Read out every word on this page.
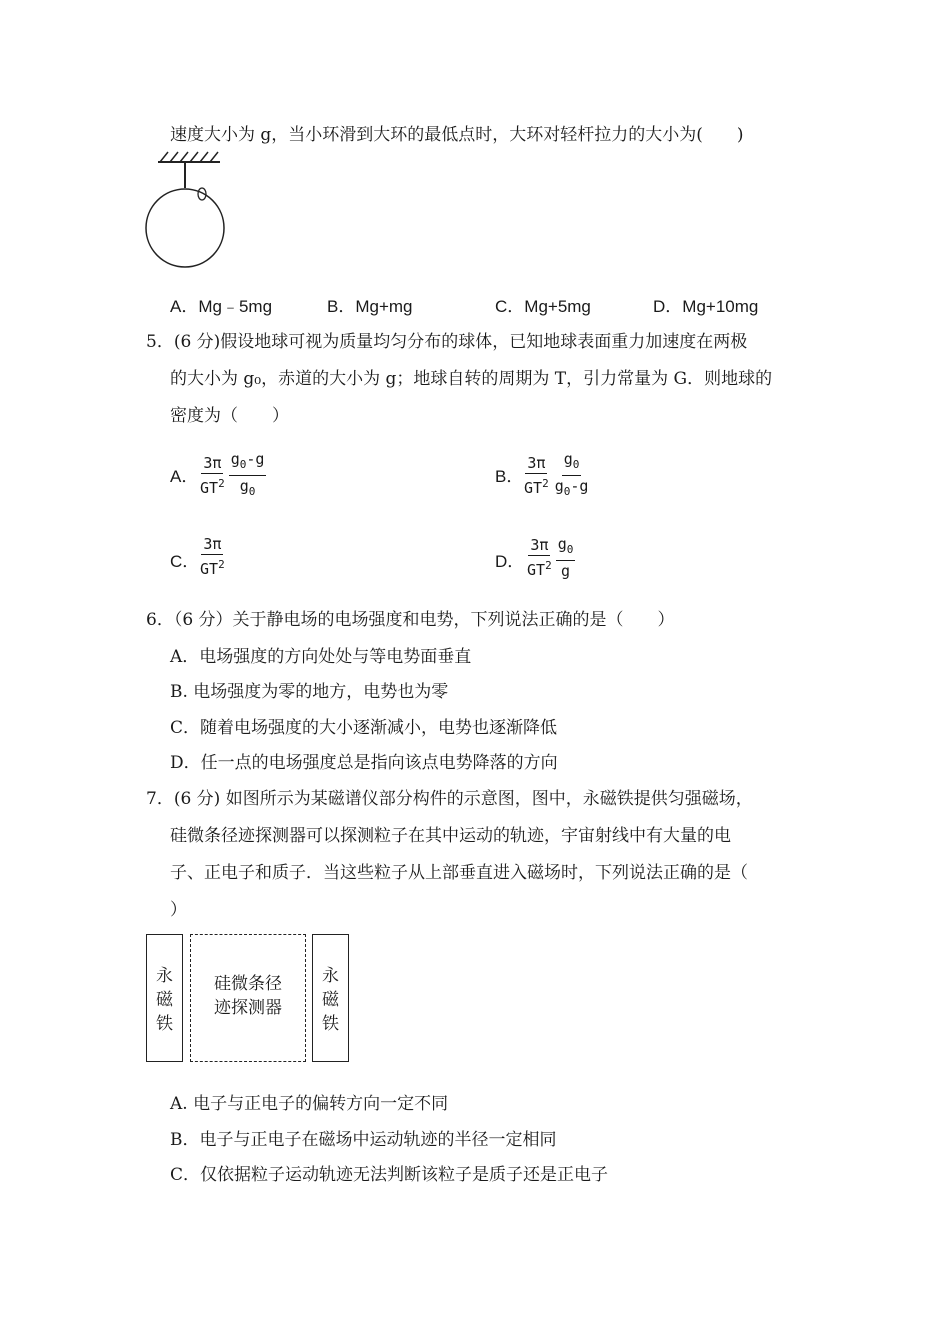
速度大小为 g，当小环滑到大环的最低点时，大环对轻杆拉力的大小为(　　)
A．Mg﹣5mg	B．Mg+mg	C．Mg+5mg	D．Mg+10mg
5．(6 分)假设地球可视为质量均匀分布的球体，已知地球表面重力加速度在两极
的大小为 g₀，赤道的大小为 g；地球自转的周期为 T，引力常量为 G．则地球的
密度为（　　）
A． $\frac{3\pi}{GT^2} \frac{g_0-g}{g_0}$	B．
$\frac{3\pi}{GT^2} \frac{g_0}{g_0-g}$
C．
$\frac{3\pi}{GT^2}$	D． $\frac{3\pi}{GT^2} \frac{g_0}{g}$
6．（6 分）关于静电场的电场强度和电势，下列说法正确的是（　　）
A．电场强度的方向处处与等电势面垂直
B. 电场强度为零的地方，电势也为零
C．随着电场强度的大小逐渐减小，电势也逐渐降低
D．任一点的电场强度总是指向该点电势降落的方向
7．(6 分) 如图所示为某磁谱仪部分构件的示意图，图中，永磁铁提供匀强磁场，
硅微条径迹探测器可以探测粒子在其中运动的轨迹，宇宙射线中有大量的电
子、正电子和质子．当这些粒子从上部垂直进入磁场时，下列说法正确的是（
）
永
磁
铁
硅微条径
迹探测器
永
磁
铁
A. 电子与正电子的偏转方向一定不同
B．电子与正电子在磁场中运动轨迹的半径一定相同
C．仅依据粒子运动轨迹无法判断该粒子是质子还是正电子
